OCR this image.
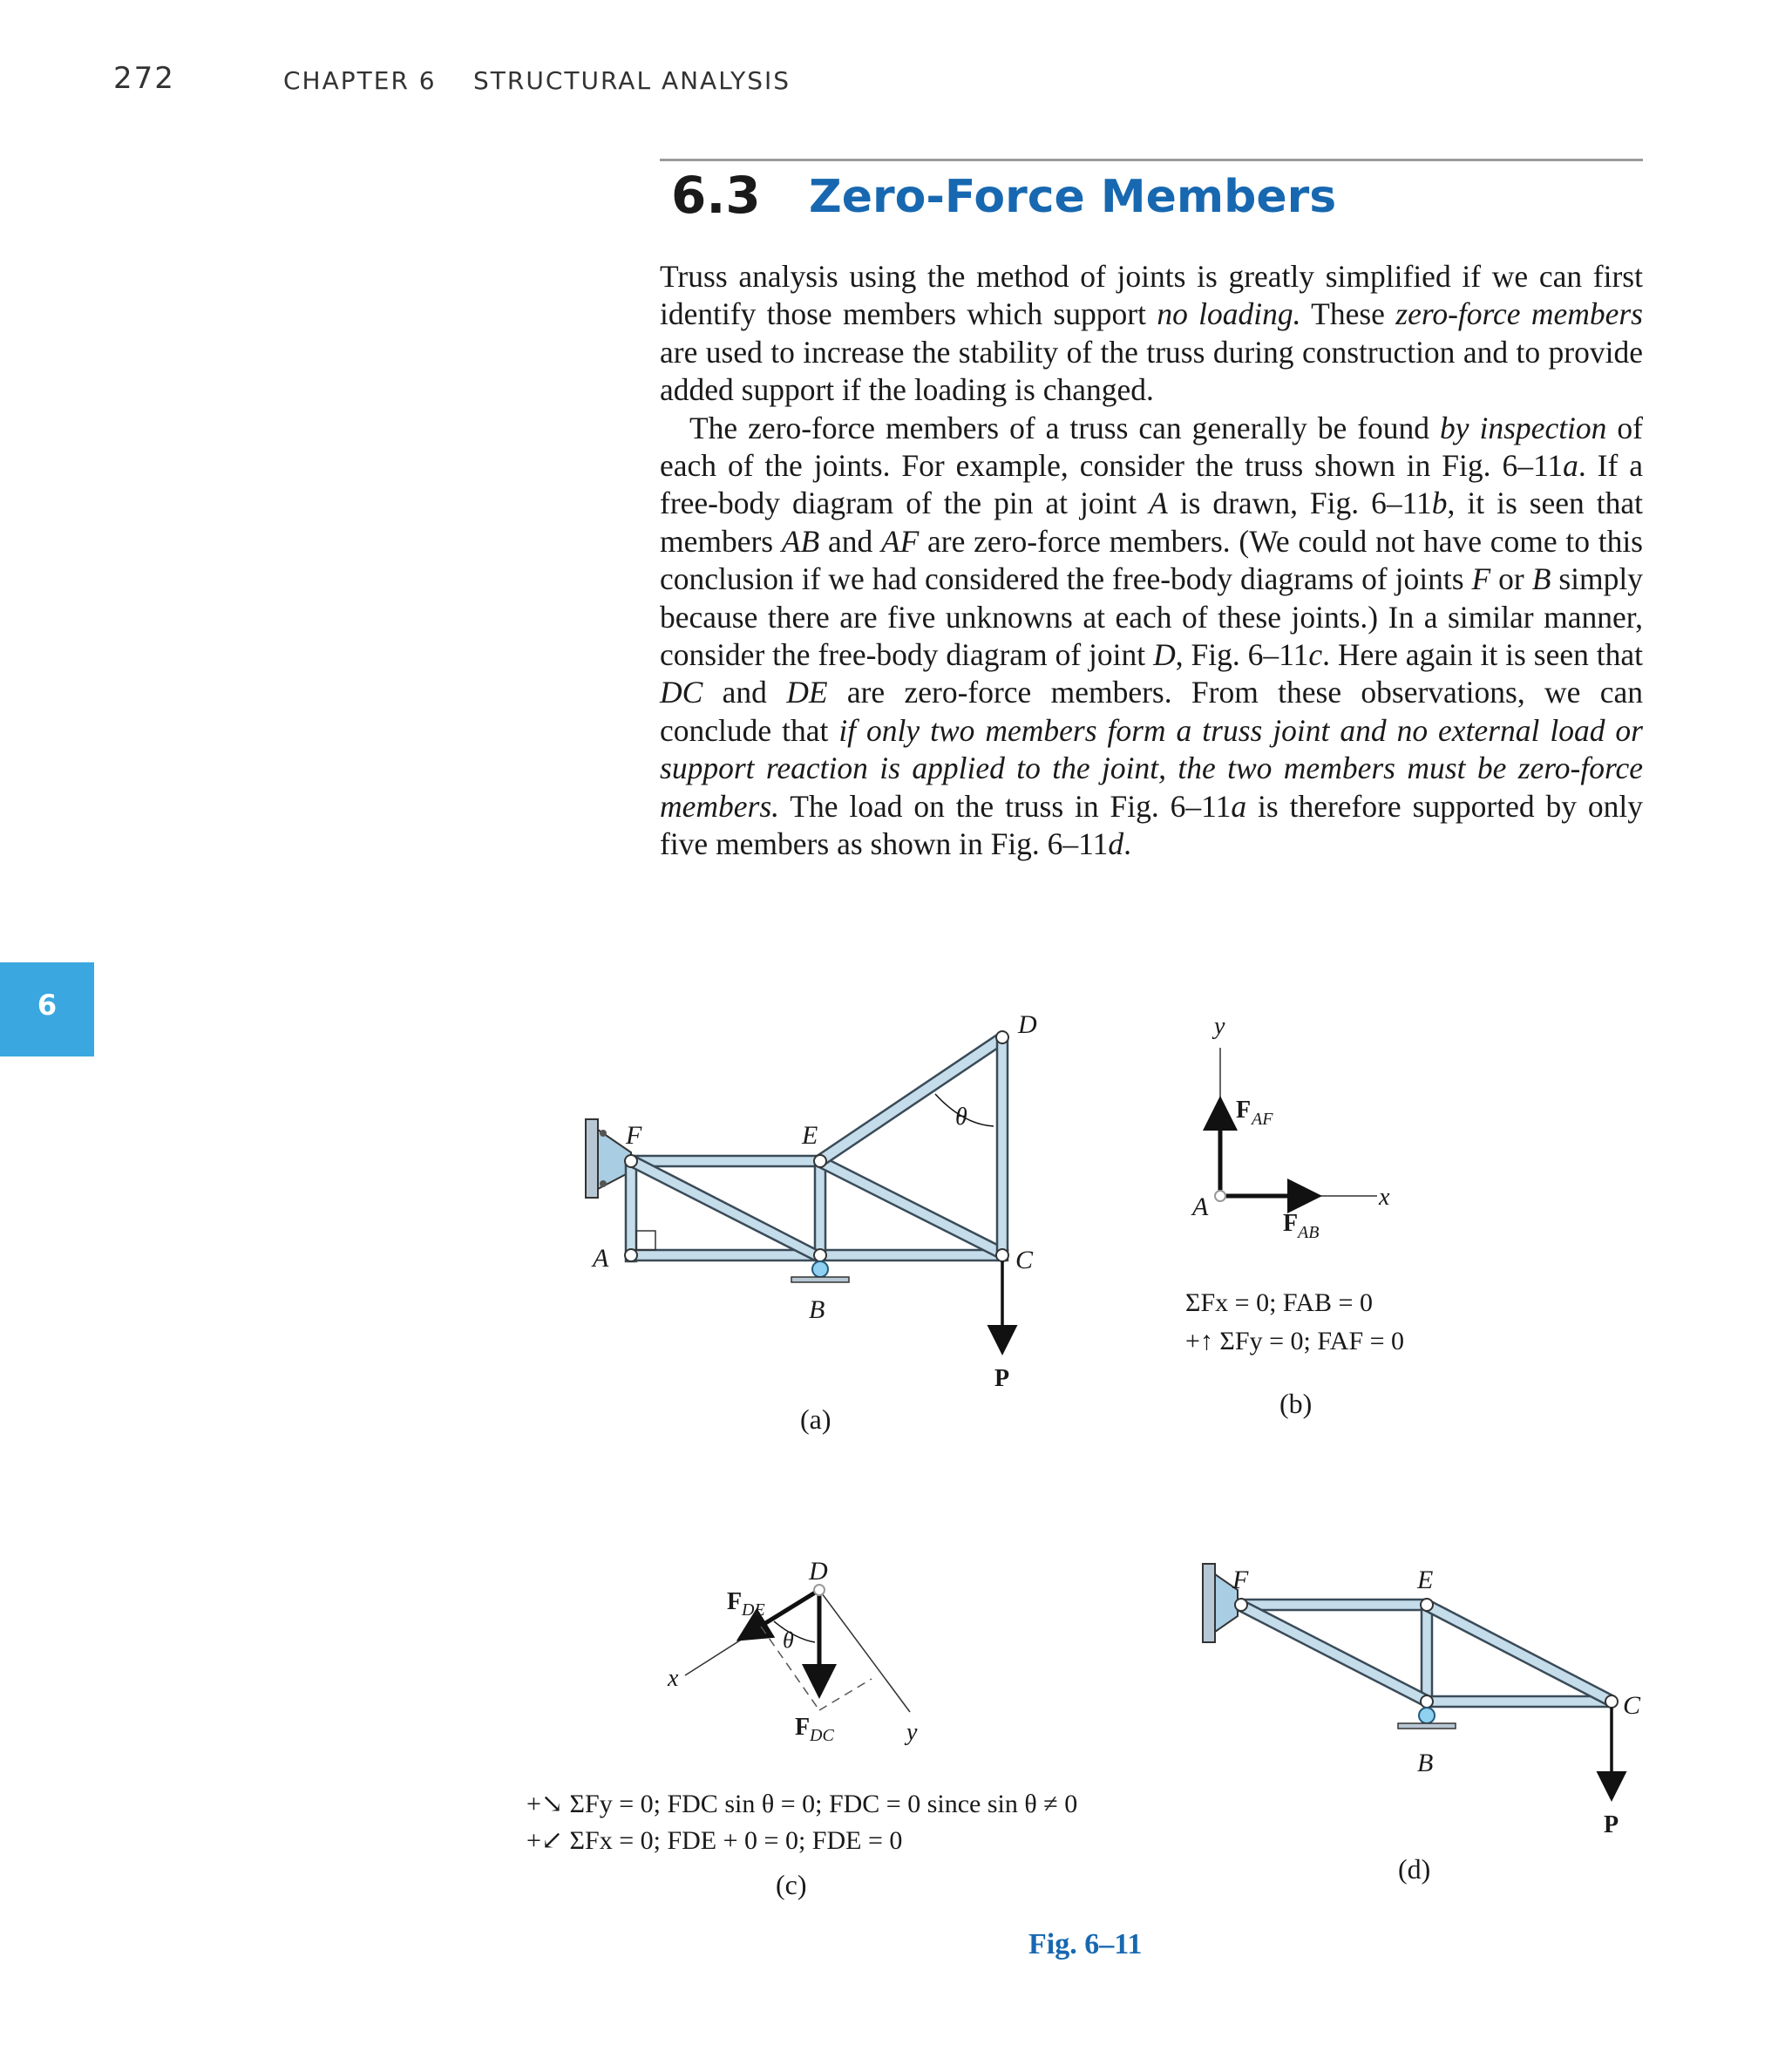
272	CHAPTER 6 STRUCTURAL ANALYSIS
6.3 Zero-Force Members

Truss analysis using the method of joints is greatly simplified if we can first identify those members which support no loading. These zero-force members are used to increase the stability of the truss during construction and to provide added support if the loading is changed.

The zero-force members of a truss can generally be found by inspection of each of the joints. For example, consider the truss shown in Fig. 6–11a. If a free-body diagram of the pin at joint A is drawn, Fig. 6–11b, it is seen that members AB and AF are zero-force members. (We could not have come to this conclusion if we had considered the free-body diagrams of joints F or B simply because there are five unknowns at each of these joints.) In a similar manner, consider the free-body diagram of joint D, Fig. 6–11c. Here again it is seen that DC and DE are zero-force members. From these observations, we can conclude that if only two members form a truss joint and no external load or support reaction is applied to the joint, the two members must be zero-force members. The load on the truss in Fig. 6–11a is therefore supported by only five members as shown in Fig. 6–11d.

6
D
E
F
A
B
C
P
θ
y
x
A
F AF
F AB
D
x
y
θ
F DE
F DC
F	E
B
C
P
ΣFx = 0; FAB = 0
+↑ ΣFy = 0; FAF = 0
(b)
(a)
+↘ ΣFy = 0; FDC sin θ = 0; FDC = 0 since sin θ ≠ 0
+↙ ΣFx = 0; FDE + 0 = 0; FDE = 0
(c)	(d)
Fig. 6–11
